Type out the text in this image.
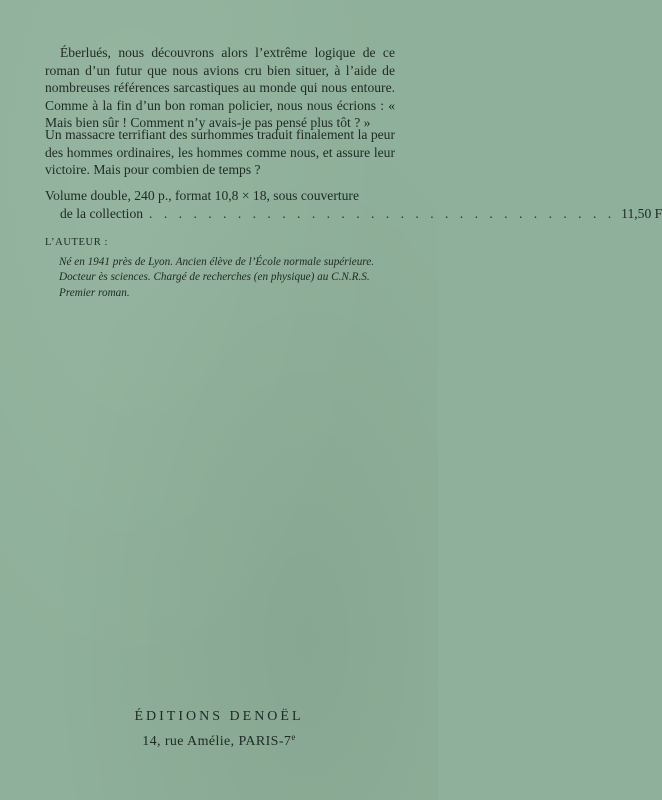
Éberlués, nous découvrons alors l’extrême logique de ce roman d’un futur que nous avions cru bien situer, à l’aide de nombreuses références sarcastiques au monde qui nous entoure. Comme à la fin d’un bon roman policier, nous nous écrions : « Mais bien sûr ! Comment n’y avais-je pas pensé plus tôt ? »

Un massacre terrifiant des surhommes traduit finalement la peur des hommes ordinaires, les hommes comme nous, et assure leur victoire. Mais pour combien de temps ?

Volume double, 240 p., format 10,8 × 18, sous couverture
de la collection . . . . . . . . . . . . . . . . . . . . . . . . . . . . . . . . 11,50 F

L’AUTEUR :

Né en 1941 près de Lyon. Ancien élève de l’École normale supérieure.
Docteur ès sciences. Chargé de recherches (en physique) au C.N.R.S.
Premier roman.

ÉDITIONS DENOËL

14, rue Amélie, PARIS-7e
